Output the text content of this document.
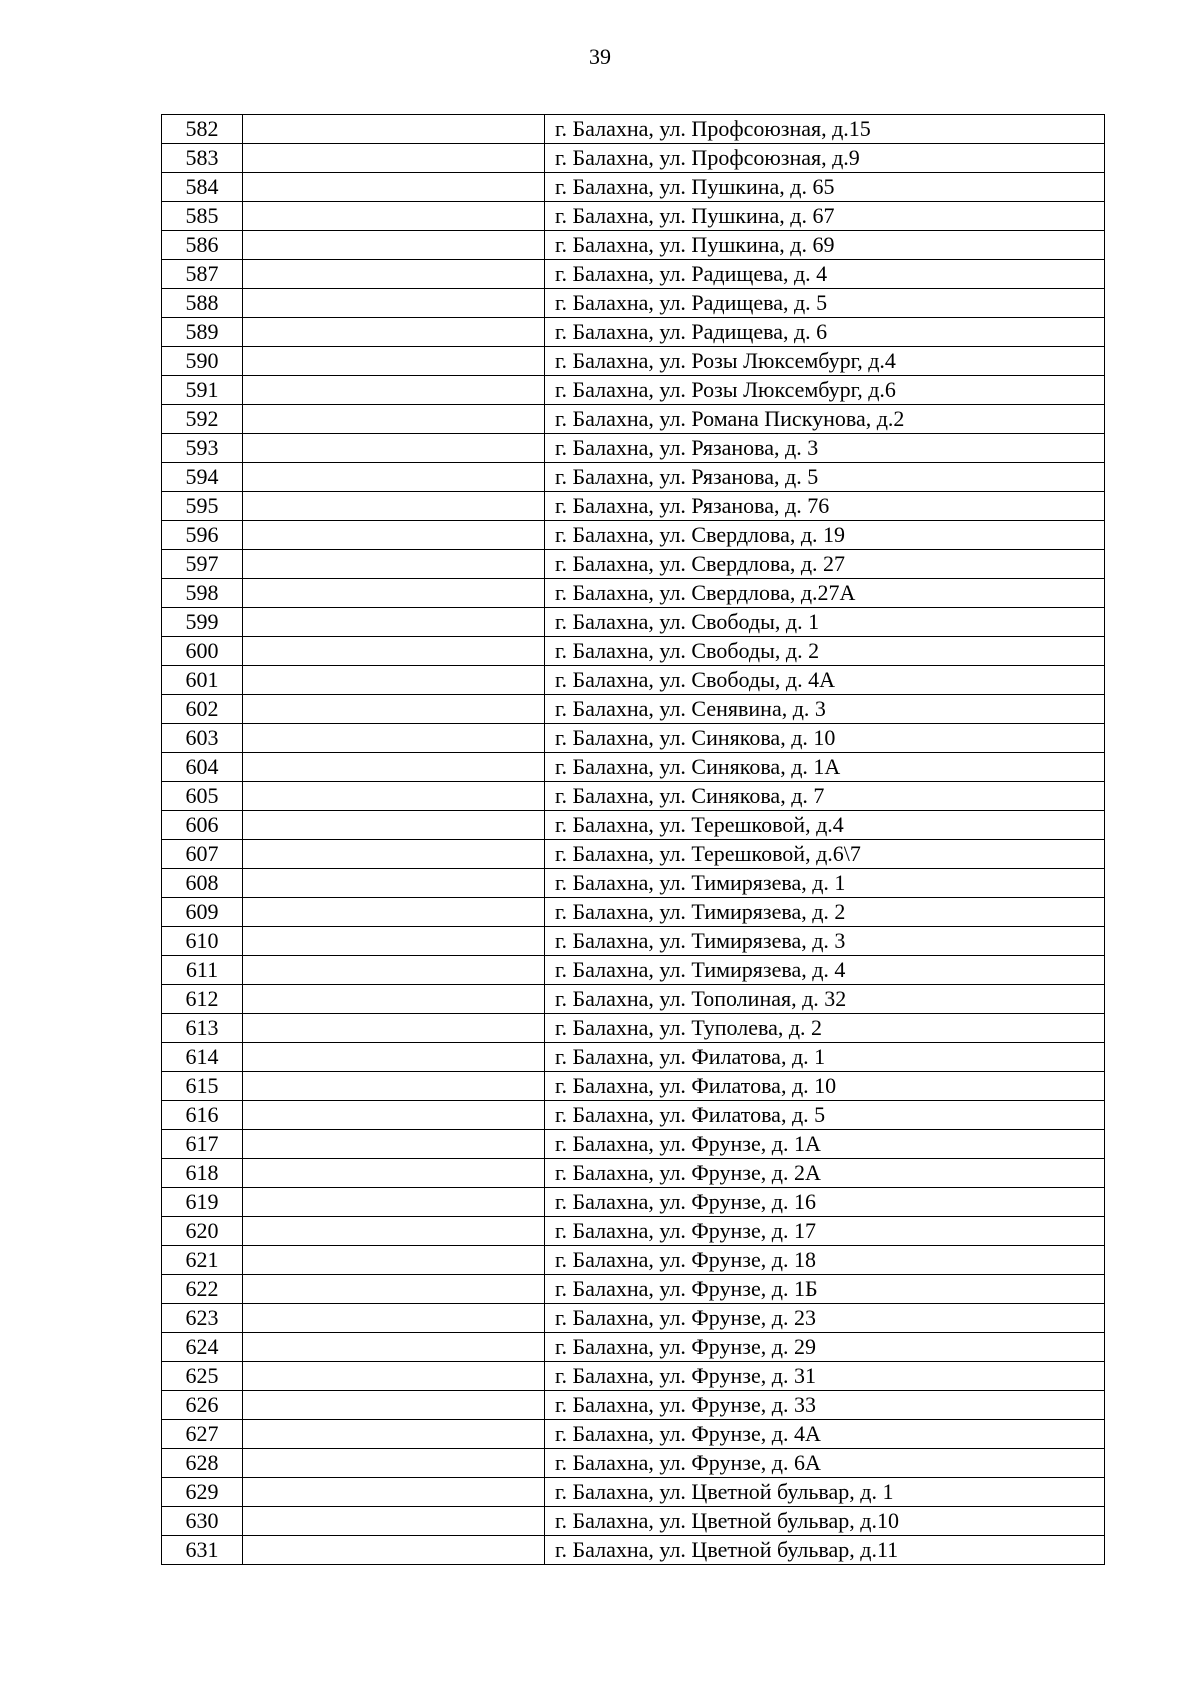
39
582		г. Балахна, ул. Профсоюзная, д.15
583		г. Балахна, ул. Профсоюзная, д.9
584		г. Балахна, ул. Пушкина, д. 65
585		г. Балахна, ул. Пушкина, д. 67
586		г. Балахна, ул. Пушкина, д. 69
587		г. Балахна, ул. Радищева, д. 4
588		г. Балахна, ул. Радищева, д. 5
589		г. Балахна, ул. Радищева, д. 6
590		г. Балахна, ул. Розы Люксембург, д.4
591		г. Балахна, ул. Розы Люксембург, д.6
592		г. Балахна, ул. Романа Пискунова, д.2
593		г. Балахна, ул. Рязанова, д. 3
594		г. Балахна, ул. Рязанова, д. 5
595		г. Балахна, ул. Рязанова, д. 76
596		г. Балахна, ул. Свердлова, д. 19
597		г. Балахна, ул. Свердлова, д. 27
598		г. Балахна, ул. Свердлова, д.27А
599		г. Балахна, ул. Свободы, д. 1
600		г. Балахна, ул. Свободы, д. 2
601		г. Балахна, ул. Свободы, д. 4А
602		г. Балахна, ул. Сенявина, д. 3
603		г. Балахна, ул. Синякова, д. 10
604		г. Балахна, ул. Синякова, д. 1А
605		г. Балахна, ул. Синякова, д. 7
606		г. Балахна, ул. Терешковой, д.4
607		г. Балахна, ул. Терешковой, д.6\7
608		г. Балахна, ул. Тимирязева, д. 1
609		г. Балахна, ул. Тимирязева, д. 2
610		г. Балахна, ул. Тимирязева, д. 3
611		г. Балахна, ул. Тимирязева, д. 4
612		г. Балахна, ул. Тополиная, д. 32
613		г. Балахна, ул. Туполева, д. 2
614		г. Балахна, ул. Филатова, д. 1
615		г. Балахна, ул. Филатова, д. 10
616		г. Балахна, ул. Филатова, д. 5
617		г. Балахна, ул. Фрунзе, д. 1А
618		г. Балахна, ул. Фрунзе, д. 2А
619		г. Балахна, ул. Фрунзе, д. 16
620		г. Балахна, ул. Фрунзе, д. 17
621		г. Балахна, ул. Фрунзе, д. 18
622		г. Балахна, ул. Фрунзе, д. 1Б
623		г. Балахна, ул. Фрунзе, д. 23
624		г. Балахна, ул. Фрунзе, д. 29
625		г. Балахна, ул. Фрунзе, д. 31
626		г. Балахна, ул. Фрунзе, д. 33
627		г. Балахна, ул. Фрунзе, д. 4А
628		г. Балахна, ул. Фрунзе, д. 6А
629		г. Балахна, ул. Цветной бульвар, д. 1
630		г. Балахна, ул. Цветной бульвар, д.10
631		г. Балахна, ул. Цветной бульвар, д.11
